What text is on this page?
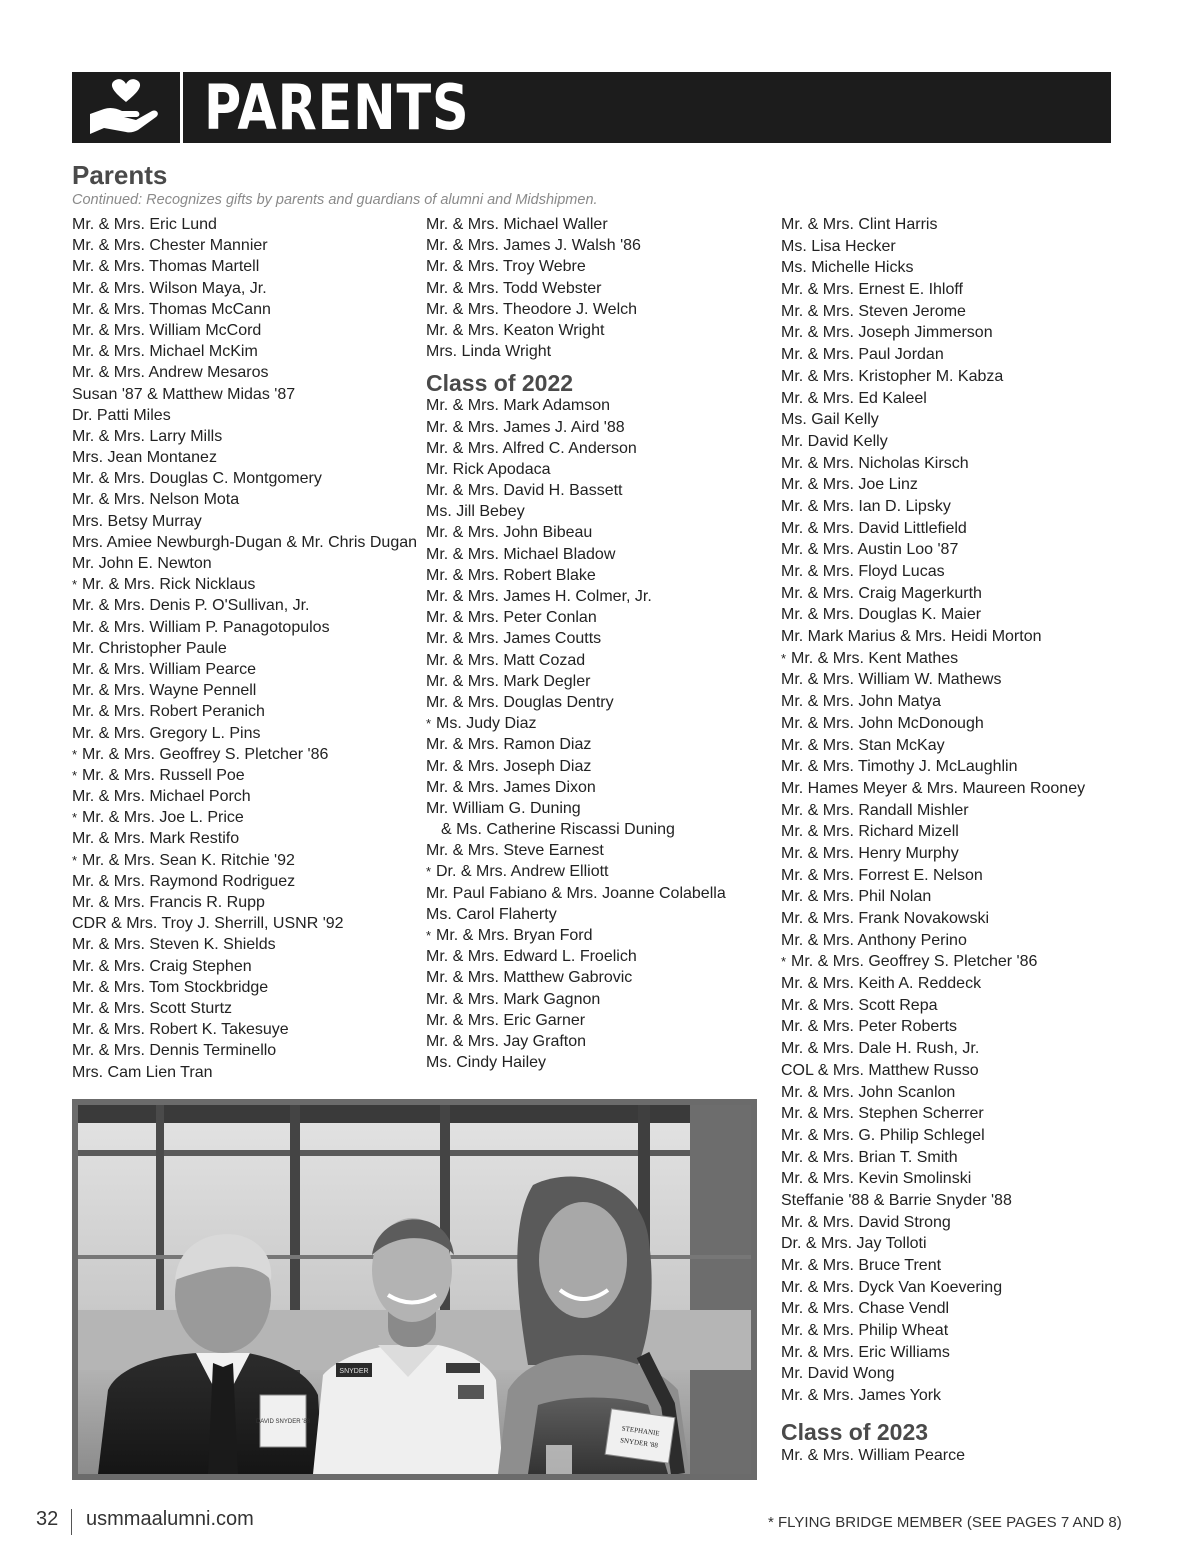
PARENTS
Parents

Continued: Recognizes gifts by parents and guardians of alumni and Midshipmen.

Mr. & Mrs. Eric Lund
Mr. & Mrs. Chester Mannier
Mr. & Mrs. Thomas Martell
Mr. & Mrs. Wilson Maya, Jr.
Mr. & Mrs. Thomas McCann
Mr. & Mrs. William McCord
Mr. & Mrs. Michael McKim
Mr. & Mrs. Andrew Mesaros
Susan '87 & Matthew Midas '87
Dr. Patti Miles
Mr. & Mrs. Larry Mills
Mrs. Jean Montanez
Mr. & Mrs. Douglas C. Montgomery
Mr. & Mrs. Nelson Mota
Mrs. Betsy Murray
Mrs. Amiee Newburgh-Dugan & Mr. Chris Dugan
Mr. John E. Newton
* Mr. & Mrs. Rick Nicklaus
Mr. & Mrs. Denis P. O'Sullivan, Jr.
Mr. & Mrs. William P. Panagotopulos
Mr. Christopher Paule
Mr. & Mrs. William Pearce
Mr. & Mrs. Wayne Pennell
Mr. & Mrs. Robert Peranich
Mr. & Mrs. Gregory L. Pins
* Mr. & Mrs. Geoffrey S. Pletcher '86
* Mr. & Mrs. Russell Poe
Mr. & Mrs. Michael Porch
* Mr. & Mrs. Joe L. Price
Mr. & Mrs. Mark Restifo
* Mr. & Mrs. Sean K. Ritchie '92
Mr. & Mrs. Raymond Rodriguez
Mr. & Mrs. Francis R. Rupp
CDR & Mrs. Troy J. Sherrill, USNR '92
Mr. & Mrs. Steven K. Shields
Mr. & Mrs. Craig Stephen
Mr. & Mrs. Tom Stockbridge
Mr. & Mrs. Scott Sturtz
Mr. & Mrs. Robert K. Takesuye
Mr. & Mrs. Dennis Terminello
Mrs. Cam Lien Tran
Mr. & Mrs. Michael Waller
Mr. & Mrs. James J. Walsh '86
Mr. & Mrs. Troy Webre
Mr. & Mrs. Todd Webster
Mr. & Mrs. Theodore J. Welch
Mr. & Mrs. Keaton Wright
Mrs. Linda Wright
Class of 2022
Mr. & Mrs. Mark Adamson
Mr. & Mrs. James J. Aird '88
Mr. & Mrs. Alfred C. Anderson
Mr. Rick Apodaca
Mr. & Mrs. David H. Bassett
Ms. Jill Bebey
Mr. & Mrs. John Bibeau
Mr. & Mrs. Michael Bladow
Mr. & Mrs. Robert Blake
Mr. & Mrs. James H. Colmer, Jr.
Mr. & Mrs. Peter Conlan
Mr. & Mrs. James Coutts
Mr. & Mrs. Matt Cozad
Mr. & Mrs. Mark Degler
Mr. & Mrs. Douglas Dentry
* Ms. Judy Diaz
Mr. & Mrs. Ramon Diaz
Mr. & Mrs. Joseph Diaz
Mr. & Mrs. James Dixon
Mr. William G. Duning
& Ms. Catherine Riscassi Duning
Mr. & Mrs. Steve Earnest
* Dr. & Mrs. Andrew Elliott
Mr. Paul Fabiano & Mrs. Joanne Colabella
Ms. Carol Flaherty
* Mr. & Mrs. Bryan Ford
Mr. & Mrs. Edward L. Froelich
Mr. & Mrs. Matthew Gabrovic
Mr. & Mrs. Mark Gagnon
Mr. & Mrs. Eric Garner
Mr. & Mrs. Jay Grafton
Ms. Cindy Hailey
Mr. & Mrs. Clint Harris
Ms. Lisa Hecker
Ms. Michelle Hicks
Mr. & Mrs. Ernest E. Ihloff
Mr. & Mrs. Steven Jerome
Mr. & Mrs. Joseph Jimmerson
Mr. & Mrs. Paul Jordan
Mr. & Mrs. Kristopher M. Kabza
Mr. & Mrs. Ed Kaleel
Ms. Gail Kelly
Mr. David Kelly
Mr. & Mrs. Nicholas Kirsch
Mr. & Mrs. Joe Linz
Mr. & Mrs. Ian D. Lipsky
Mr. & Mrs. David Littlefield
Mr. & Mrs. Austin Loo '87
Mr. & Mrs. Floyd Lucas
Mr. & Mrs. Craig Magerkurth
Mr. & Mrs. Douglas K. Maier
Mr. Mark Marius & Mrs. Heidi Morton
* Mr. & Mrs. Kent Mathes
Mr. & Mrs. William W. Mathews
Mr. & Mrs. John Matya
Mr. & Mrs. John McDonough
Mr. & Mrs. Stan McKay
Mr. & Mrs. Timothy J. McLaughlin
Mr. Hames Meyer & Mrs. Maureen Rooney
Mr. & Mrs. Randall Mishler
Mr. & Mrs. Richard Mizell
Mr. & Mrs. Henry Murphy
Mr. & Mrs. Forrest E. Nelson
Mr. & Mrs. Phil Nolan
Mr. & Mrs. Frank Novakowski
Mr. & Mrs. Anthony Perino
* Mr. & Mrs. Geoffrey S. Pletcher '86
Mr. & Mrs. Keith A. Reddeck
Mr. & Mrs. Scott Repa
Mr. & Mrs. Peter Roberts
Mr. & Mrs. Dale H. Rush, Jr.
COL & Mrs. Matthew Russo
Mr. & Mrs. John Scanlon
Mr. & Mrs. Stephen Scherrer
Mr. & Mrs. G. Philip Schlegel
Mr. & Mrs. Brian T. Smith
Mr. & Mrs. Kevin Smolinski
Steffanie '88 & Barrie Snyder '88
Mr. & Mrs. David Strong
Dr. & Mrs. Jay Tolloti
Mr. & Mrs. Bruce Trent
Mr. & Mrs. Dyck Van Koevering
Mr. & Mrs. Chase Vendl
Mr. & Mrs. Philip Wheat
Mr. & Mrs. Eric Williams
Mr. David Wong
Mr. & Mrs. James York
Class of 2023
Mr. & Mrs. William Pearce
DAVID SNYDER '88
SNYDER
STEPHANIE
SNYDER '88
32 usmmaalumni.com	* FLYING BRIDGE MEMBER (SEE PAGES 7 AND 8)
